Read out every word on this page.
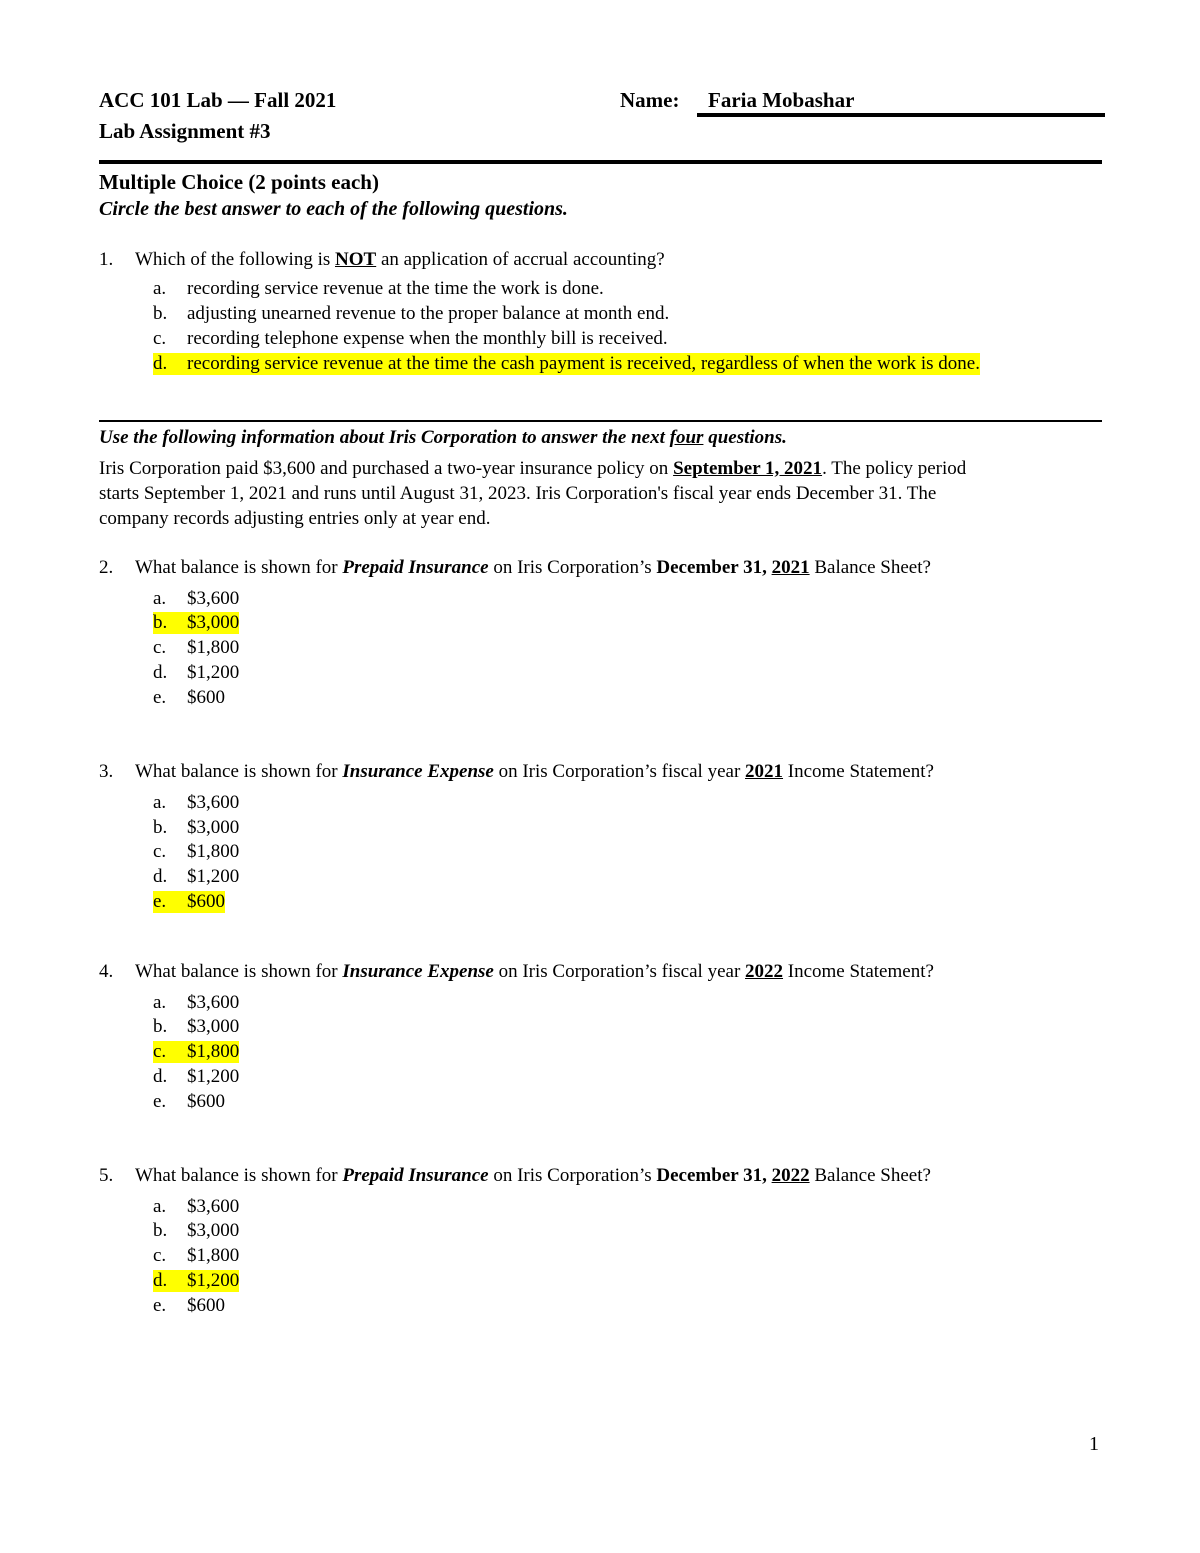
ACC 101 Lab — Fall 2021
Lab Assignment #3
Name: Faria Mobashar
Multiple Choice (2 points each)
Circle the best answer to each of the following questions.
1. Which of the following is NOT an application of accrual accounting?
a. recording service revenue at the time the work is done.
b. adjusting unearned revenue to the proper balance at month end.
c. recording telephone expense when the monthly bill is received.
d. recording service revenue at the time the cash payment is received, regardless of when the work is done.
Use the following information about Iris Corporation to answer the next four questions.
Iris Corporation paid $3,600 and purchased a two-year insurance policy on September 1, 2021. The policy period
starts September 1, 2021 and runs until August 31, 2023. Iris Corporation's fiscal year ends December 31. The
company records adjusting entries only at year end.
2. What balance is shown for Prepaid Insurance on Iris Corporation’s December 31, 2021 Balance Sheet?
a. $3,600
b. $3,000
c. $1,800
d. $1,200
e. $600
3. What balance is shown for Insurance Expense on Iris Corporation’s fiscal year 2021 Income Statement?
a. $3,600
b. $3,000
c. $1,800
d. $1,200
e. $600
4. What balance is shown for Insurance Expense on Iris Corporation’s fiscal year 2022 Income Statement?
a. $3,600
b. $3,000
c. $1,800
d. $1,200
e. $600
5. What balance is shown for Prepaid Insurance on Iris Corporation’s December 31, 2022 Balance Sheet?
a. $3,600
b. $3,000
c. $1,800
d. $1,200
e. $600
1
